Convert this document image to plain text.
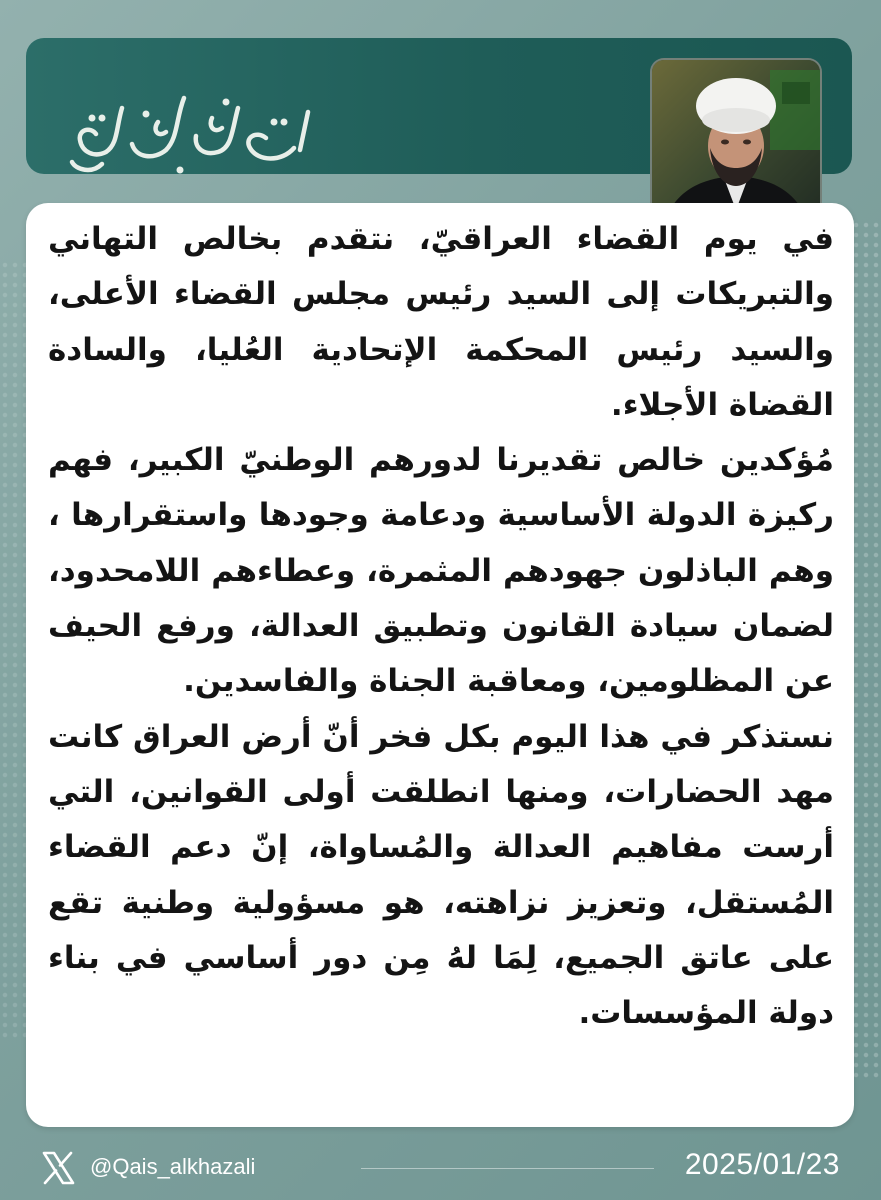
في يوم القضاء العراقيّ، نتقدم بخالص التهاني والتبريكات إلى السيد رئيس مجلس القضاء الأعلى، والسيد رئيس المحكمة الإتحادية العُليا، والسادة القضاة الأجلاء.

مُؤكدين خالص تقديرنا لدورهم الوطنيّ الكبير، فهم ركيزة الدولة الأساسية ودعامة وجودها واستقرارها ، وهم الباذلون جهودهم المثمرة، وعطاءهم اللامحدود، لضمان سيادة القانون وتطبيق العدالة، ورفع الحيف عن المظلومين، ومعاقبة الجناة والفاسدين.

نستذكر في هذا اليوم بكل فخر أنّ أرض العراق كانت مهد الحضارات، ومنها انطلقت أولى القوانين، التي أرست مفاهيم العدالة والمُساواة، إنّ دعم القضاء المُستقل، وتعزيز نزاهته، هو مسؤولية وطنية تقع على عاتق الجميع، لِمَا لهُ مِن دور أساسي في بناء دولة المؤسسات.

@Qais_alkhazali	2025/01/23
